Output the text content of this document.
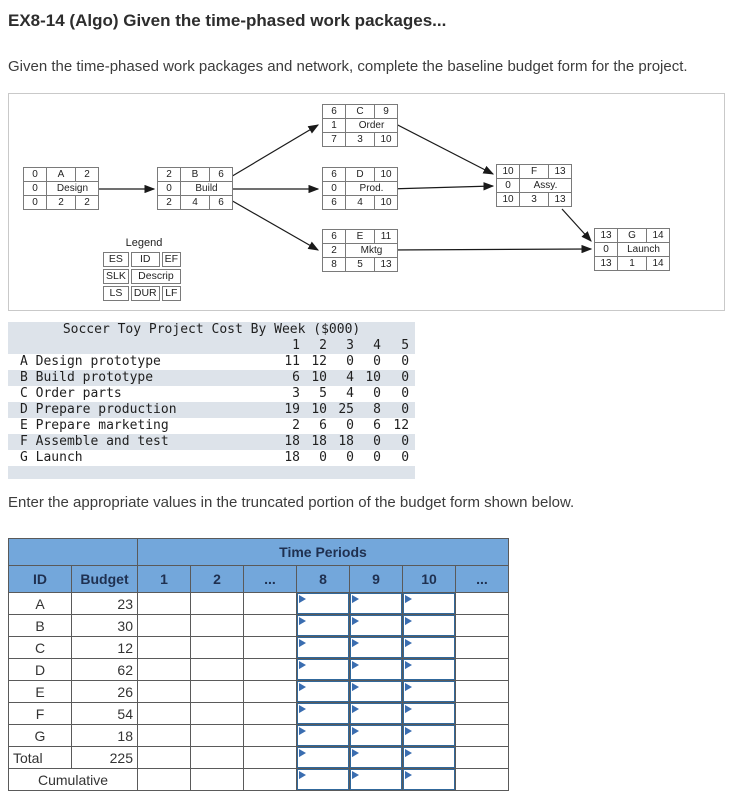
EX8-14 (Algo) Given the time-phased work packages...

Given the time-phased work packages and network, complete the baseline budget form for the project.

0	A	2
0	Design	
0	2	2
2	B	6
0	Build	
2	4	6
6	C	9
1	Order	
7	3	10
6	D	10
0	Prod.	
6	4	10
6	E	11
2	Mktg	
8	5	13
10	F	13
0	Assy.	
10	3	13
13	G	14
0	Launch	
13	1	14
Legend
ES	ID	EF
SLK	Descrip	
LS	DUR	LF
Soccer Toy Project Cost By Week ($000)					
	1	2	3	4	5
A Design prototype	11	12	0	0	0
B Build prototype	6	10	4	10	0
C Order parts	3	5	4	0	0
D Prepare production	19	10	25	8	0
E Prepare marketing	2	6	0	6	12
F Assemble and test	18	18	18	0	0
G Launch	18	0	0	0	0

Enter the appropriate values in the truncated portion of the budget form shown below.

		Time Periods						
ID	Budget	1	2	...	8	9	10	...
A	23				

B	30				

C	12				

D	62				

E	26				

F	54				

G	18				

Total	225				

Cumulative					
